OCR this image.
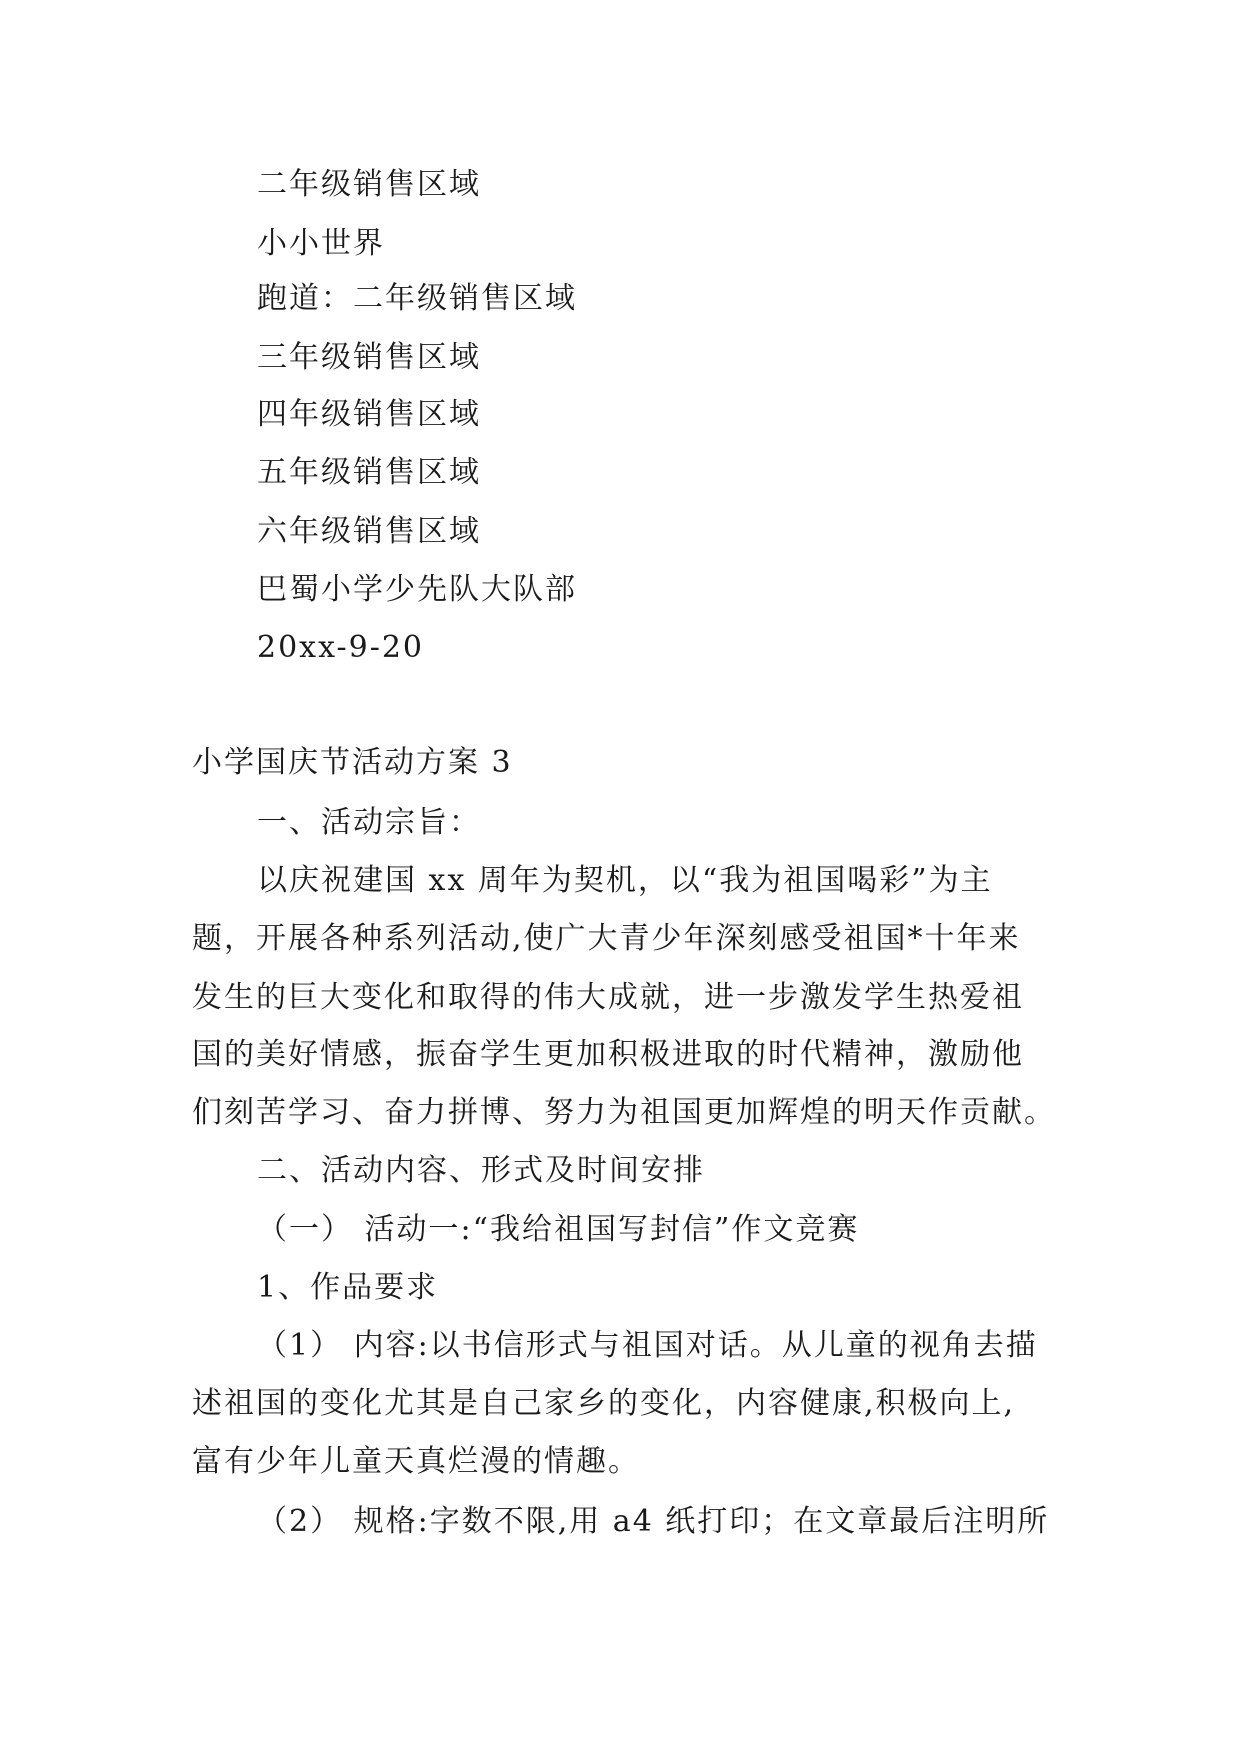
二年级销售区域
小小世界
跑道：二年级销售区域
三年级销售区域
四年级销售区域
五年级销售区域
六年级销售区域
巴蜀小学少先队大队部
20xx-9-20
小学国庆节活动方案 3
一、活动宗旨：
以庆祝建国 xx 周年为契机，以“我为祖国喝彩”为主
题，开展各种系列活动,使广大青少年深刻感受祖国*十年来
发生的巨大变化和取得的伟大成就，进一步激发学生热爱祖
国的美好情感，振奋学生更加积极进取的时代精神，激励他
们刻苦学习、奋力拼博、努力为祖国更加辉煌的明天作贡献。
二、活动内容、形式及时间安排
（一） 活动一:“我给祖国写封信”作文竞赛
1、作品要求
（1） 内容:以书信形式与祖国对话。从儿童的视角去描
述祖国的变化尤其是自己家乡的变化，内容健康,积极向上,
富有少年儿童天真烂漫的情趣。
（2） 规格:字数不限,用 a4 纸打印；在文章最后注明所
